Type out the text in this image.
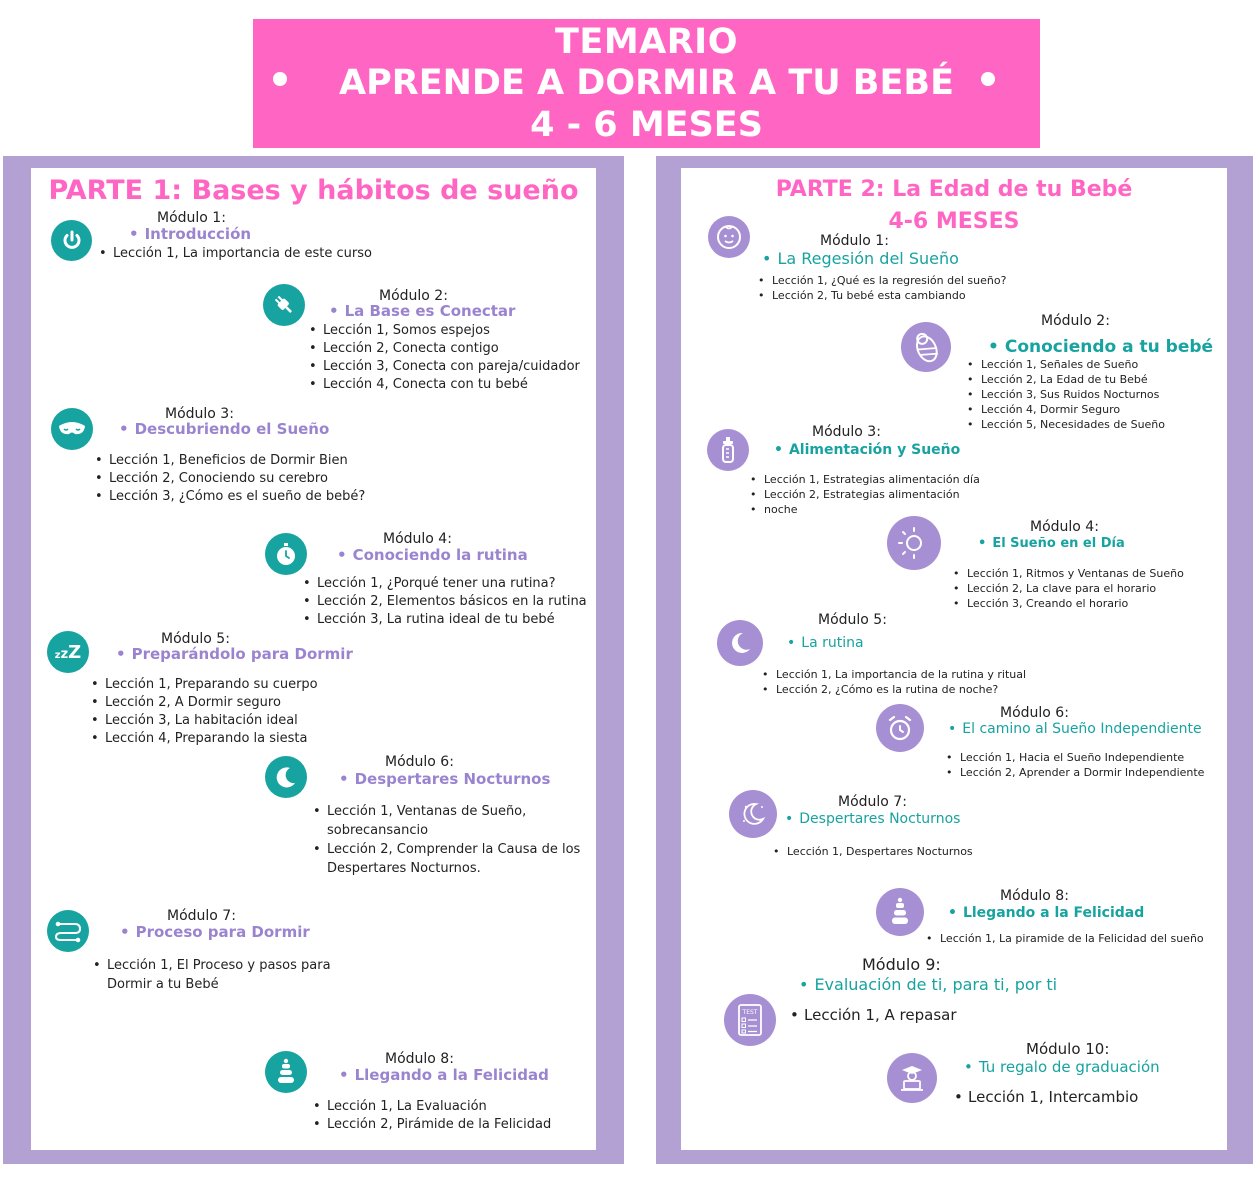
TEMARIO
APRENDE A DORMIR A TU BEBÉ
4 - 6 MESES
PARTE 1: Bases y hábitos de sueño
Módulo 1:
• Introducción
• Lección 1, La importancia de este curso
Módulo 2:
• La Base es Conectar
• Lección 1, Somos espejos
• Lección 2, Conecta contigo
• Lección 3, Conecta con pareja/cuidador
• Lección 4, Conecta con tu bebé
Módulo 3:
• Descubriendo el Sueño
• Lección 1, Beneficios de Dormir Bien
• Lección 2, Conociendo su cerebro
• Lección 3, ¿Cómo es el sueño de bebé?
Módulo 4:
• Conociendo la rutina
• Lección 1, ¿Porqué tener una rutina?
• Lección 2, Elementos básicos en la rutina
• Lección 3, La rutina ideal de tu bebé
zzZ
Módulo 5:
• Preparándolo para Dormir
• Lección 1, Preparando su cuerpo
• Lección 2, A Dormir seguro
• Lección 3, La habitación ideal
• Lección 4, Preparando la siesta
Módulo 6:
• Despertares Nocturnos
• Lección 1, Ventanas de Sueño, sobrecansancio
• Lección 2, Comprender la Causa de los Despertares Nocturnos.
Módulo 7:
• Proceso para Dormir
• Lección 1, El Proceso y pasos para Dormir a tu Bebé
Módulo 8:
• Llegando a la Felicidad
• Lección 1, La Evaluación
• Lección 2, Pirámide de la Felicidad
PARTE 2: La Edad de tu Bebé
4-6 MESES
Módulo 1:
• La Regesión del Sueño
• Lección 1, ¿Qué es la regresión del sueño?
• Lección 2, Tu bebé esta cambiando
Módulo 2:
• Conociendo a tu bebé
• Lección 1, Señales de Sueño
• Lección 2, La Edad de tu Bebé
• Lección 3, Sus Ruidos Nocturnos
• Lección 4, Dormir Seguro
• Lección 5, Necesidades de Sueño
Módulo 3:
• Alimentación y Sueño
• Lección 1, Estrategias alimentación día
• Lección 2, Estrategias alimentación
• noche
Módulo 4:
• El Sueño en el Día
• Lección 1, Ritmos y Ventanas de Sueño
• Lección 2, La clave para el horario
• Lección 3, Creando el horario
Módulo 5:
• La rutina
• Lección 1, La importancia de la rutina y ritual
• Lección 2, ¿Cómo es la rutina de noche?
Módulo 6:
• El camino al Sueño Independiente
• Lección 1, Hacia el Sueño Independiente
• Lección 2, Aprender a Dormir Independiente
Módulo 7:
• Despertares Nocturnos
• Lección 1, Despertares Nocturnos
Módulo 8:
• Llegando a la Felicidad
• Lección 1, La piramide de la Felicidad del sueño
TEST
Módulo 9:
• Evaluación de ti, para ti, por ti
• Lección 1, A repasar
Módulo 10:
• Tu regalo de graduación
• Lección 1, Intercambio
